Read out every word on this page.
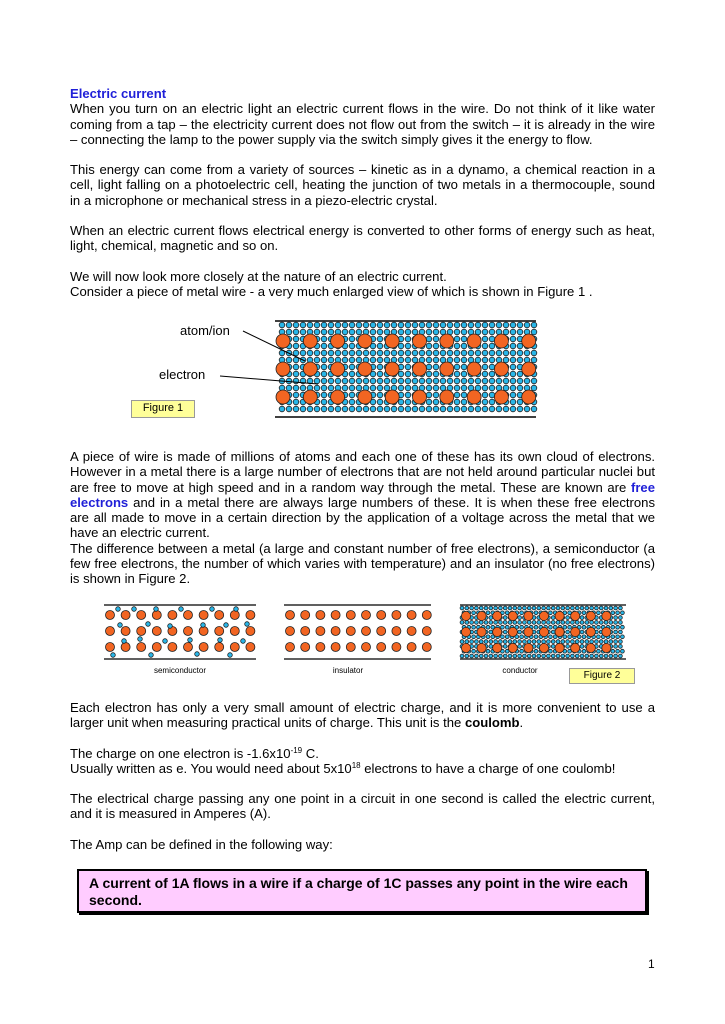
Electric current

When you turn on an electric light an electric current flows in the wire. Do not think of it like water coming from a tap – the electricity current does not flow out from the switch – it is already in the wire – connecting the lamp to the power supply via the switch simply gives it the energy to flow.

This energy can come from a variety of sources – kinetic as in a dynamo, a chemical reaction in a cell, light falling on a photoelectric cell, heating the junction of two metals in a thermocouple, sound in a microphone or mechanical stress in a piezo-electric crystal.

When an electric current flows electrical energy is converted to other forms of energy such as heat, light, chemical, magnetic and so on.

We will now look more closely at the nature of an electric current.

Consider a piece of metal wire - a very much enlarged view of which is shown in Figure 1 .

atom/ion
electron
Figure 1

A piece of wire is made of millions of atoms and each one of these has its own cloud of electrons. However in a metal there is a large number of electrons that are not held around particular nuclei but are free to move at high speed and in a random way through the metal. These are known are free electrons and in a metal there are always large numbers of these. It is when these free electrons are all made to move in a certain direction by the application of a voltage across the metal that we have an electric current.

The difference between a metal (a large and constant number of free electrons), a semiconductor (a few free electrons, the number of which varies with temperature) and an insulator (no free electrons) is shown in Figure 2.

semiconductor	insulator	conductor	Figure 2

Each electron has only a very small amount of electric charge, and it is more convenient to use a larger unit when measuring practical units of charge. This unit is the coulomb.

The charge on one electron is $-1.6x10^{-19}$ C.

Usually written as e. You would need about $5x10^{18}$ electrons to have a charge of one coulomb!

The electrical charge passing any one point in a circuit in one second is called the electric current, and it is measured in Amperes (A).

The Amp can be defined in the following way:

A current of 1A flows in a wire if a charge of 1C passes any point in the wire each second.
1
